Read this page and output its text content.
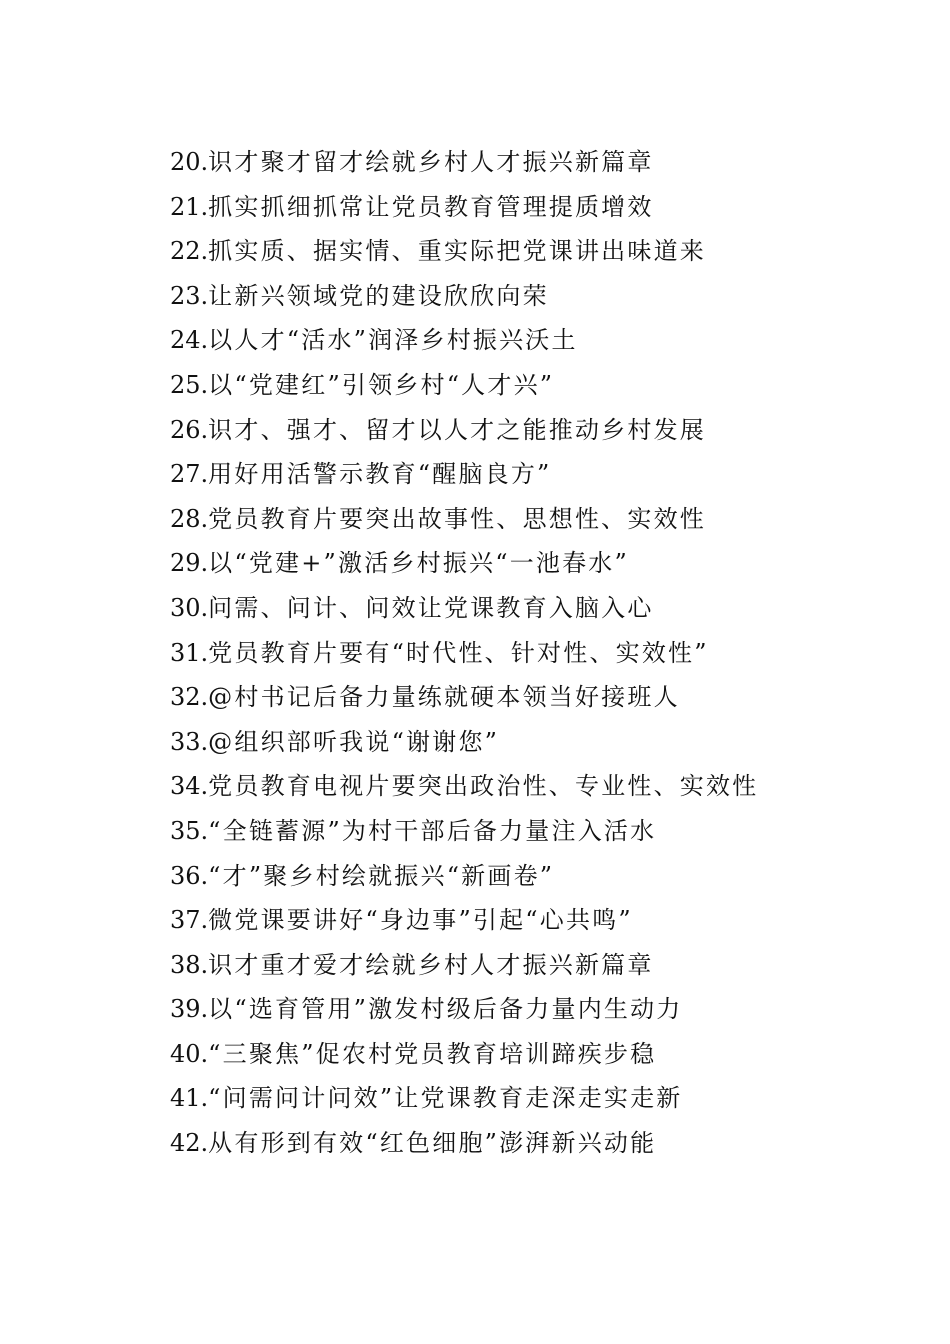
20.识才聚才留才绘就乡村人才振兴新篇章
21.抓实抓细抓常让党员教育管理提质增效
22.抓实质、据实情、重实际把党课讲出味道来
23.让新兴领域党的建设欣欣向荣
24.以人才“活水”润泽乡村振兴沃土
25.以“党建红”引领乡村“人才兴”
26.识才、强才、留才以人才之能推动乡村发展
27.用好用活警示教育“醒脑良方”
28.党员教育片要突出故事性、思想性、实效性
29.以“党建+”激活乡村振兴“一池春水”
30.问需、问计、问效让党课教育入脑入心
31.党员教育片要有“时代性、针对性、实效性”
32.@村书记后备力量练就硬本领当好接班人
33.@组织部听我说“谢谢您”
34.党员教育电视片要突出政治性、专业性、实效性
35.“全链蓄源”为村干部后备力量注入活水
36.“才”聚乡村绘就振兴“新画卷”
37.微党课要讲好“身边事”引起“心共鸣”
38.识才重才爱才绘就乡村人才振兴新篇章
39.以“选育管用”激发村级后备力量内生动力
40.“三聚焦”促农村党员教育培训蹄疾步稳
41.“问需问计问效”让党课教育走深走实走新
42.从有形到有效“红色细胞”澎湃新兴动能
